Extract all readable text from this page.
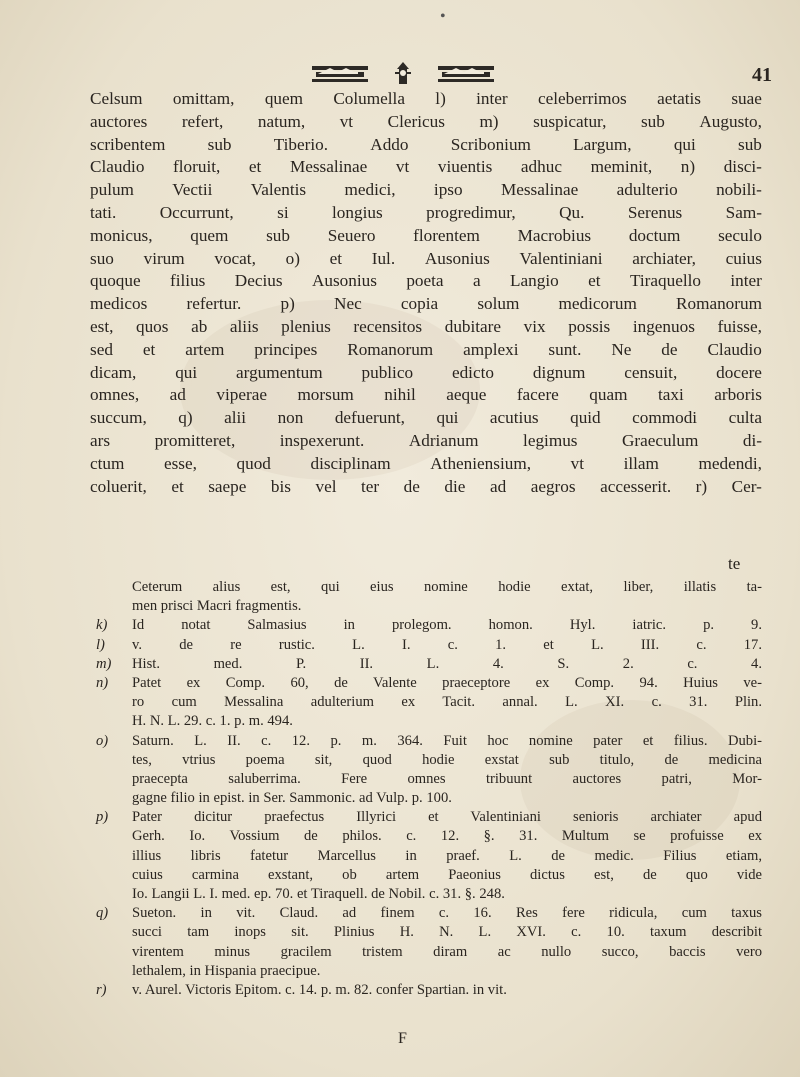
•
41
Celsum omittam, quem Columella l) inter celeberrimos aetatis suae
auctores refert, natum, vt Clericus m) suspicatur, sub Augusto,
scribentem sub Tiberio. Addo Scribonium Largum, qui sub
Claudio floruit, et Messalinae vt viuentis adhuc meminit, n) disci-
pulum Vectii Valentis medici, ipso Messalinae adulterio nobili-
tati.	Occurrunt,	si	longius	progredimur,	Qu.	Serenus	Sam-
monicus, quem sub Seuero florentem Macrobius doctum seculo
suo virum vocat, o) et Iul. Ausonius Valentiniani archiater, cuius
quoque filius Decius Ausonius poeta a Langio et Tiraquello inter
medicos refertur. p) Nec copia solum medicorum Romanorum
est, quos ab aliis plenius recensitos dubitare vix possis ingenuos fuisse,
sed et artem principes Romanorum amplexi sunt. Ne de Claudio
dicam, qui argumentum publico edicto dignum censuit, docere
omnes, ad viperae morsum nihil aeque facere quam taxi arboris
succum, q) alii non defuerunt, qui acutius quid commodi culta
ars	promitteret,	inspexerunt.	Adrianum	legimus	Graeculum	di-
ctum esse, quod disciplinam Atheniensium, vt illam medendi,
coluerit, et saepe bis vel ter de die ad aegros accesserit. r) Cer-
te
Ceterum alius est, qui eius nomine hodie extat, liber, illatis ta-
men prisci Macri fragmentis.
k)	Id notat Salmasius in prolegom. homon. Hyl. iatric. p. 9.
l)	v. de re rustic. L. I. c. 1. et L. III. c. 17.
m)	Hist. med. P. II. L. 4. S. 2. c. 4.
n)	Patet ex Comp. 60, de Valente praeceptore ex Comp. 94. Huius ve-
ro cum Messalina adulterium ex Tacit. annal. L. XI. c. 31. Plin.
H. N. L. 29. c. 1. p. m. 494.
o)	Saturn. L. II. c. 12. p. m. 364. Fuit hoc nomine pater et filius. Dubi-
tes, vtrius poema sit, quod hodie exstat sub titulo, de medicina
praecepta saluberrima. Fere omnes tribuunt auctores patri, Mor-
gagne filio in epist. in Ser. Sammonic. ad Vulp. p. 100.
p)	Pater dicitur praefectus Illyrici et Valentiniani senioris archiater apud
Gerh. Io. Vossium de philos. c. 12. §. 31. Multum se profuisse ex
illius libris fatetur Marcellus in praef. L. de medic. Filius etiam,
cuius carmina exstant, ob artem Paeonius dictus est, de quo vide
Io. Langii L. I. med. ep. 70. et Tiraquell. de Nobil. c. 31. §. 248.
q)	Sueton. in vit. Claud. ad finem c. 16. Res fere ridicula, cum taxus
succi tam inops sit. Plinius H. N. L. XVI. c. 10. taxum describit
virentem minus gracilem tristem diram ac nullo succo, baccis vero
lethalem, in Hispania praecipue.
r)	v. Aurel. Victoris Epitom. c. 14. p. m. 82. confer Spartian. in vit.
F
